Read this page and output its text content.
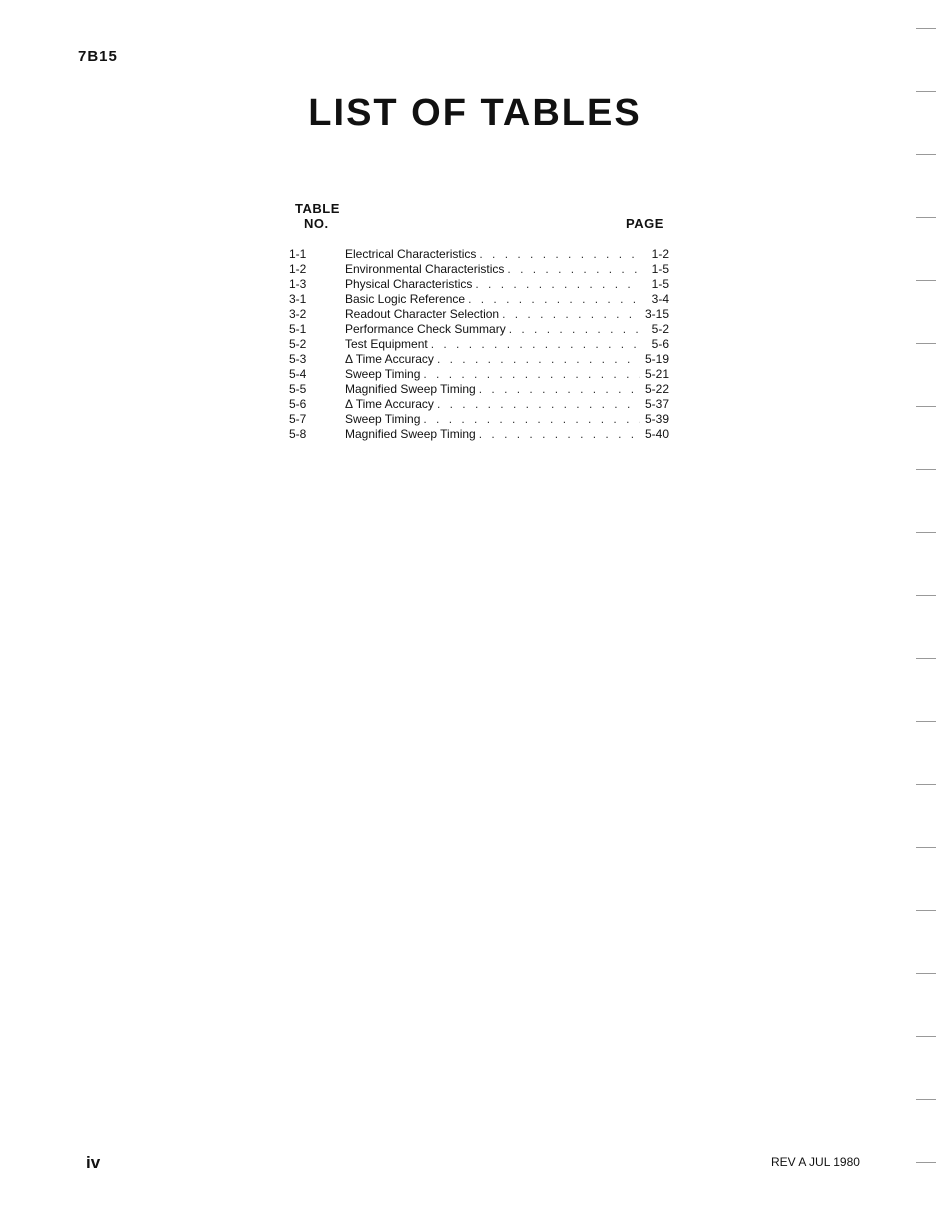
7B15
LIST OF TABLES
TABLE
NO.	PAGE
1-1	Electrical Characteristics . . .	1-2
1-2	Environmental Characteristics . . .	1-5
1-3	Physical Characteristics . . .	1-5
3-1	Basic Logic Reference . . .	3-4
3-2	Readout Character Selection . . .	3-15
5-1	Performance Check Summary . . .	5-2
5-2	Test Equipment . . .	5-6
5-3	Δ Time Accuracy . . .	5-19
5-4	Sweep Timing . . .	5-21
5-5	Magnified Sweep Timing . . .	5-22
5-6	Δ Time Accuracy . . .	5-37
5-7	Sweep Timing . . .	5-39
5-8	Magnified Sweep Timing . . .	5-40
iv	REV A JUL 1980
